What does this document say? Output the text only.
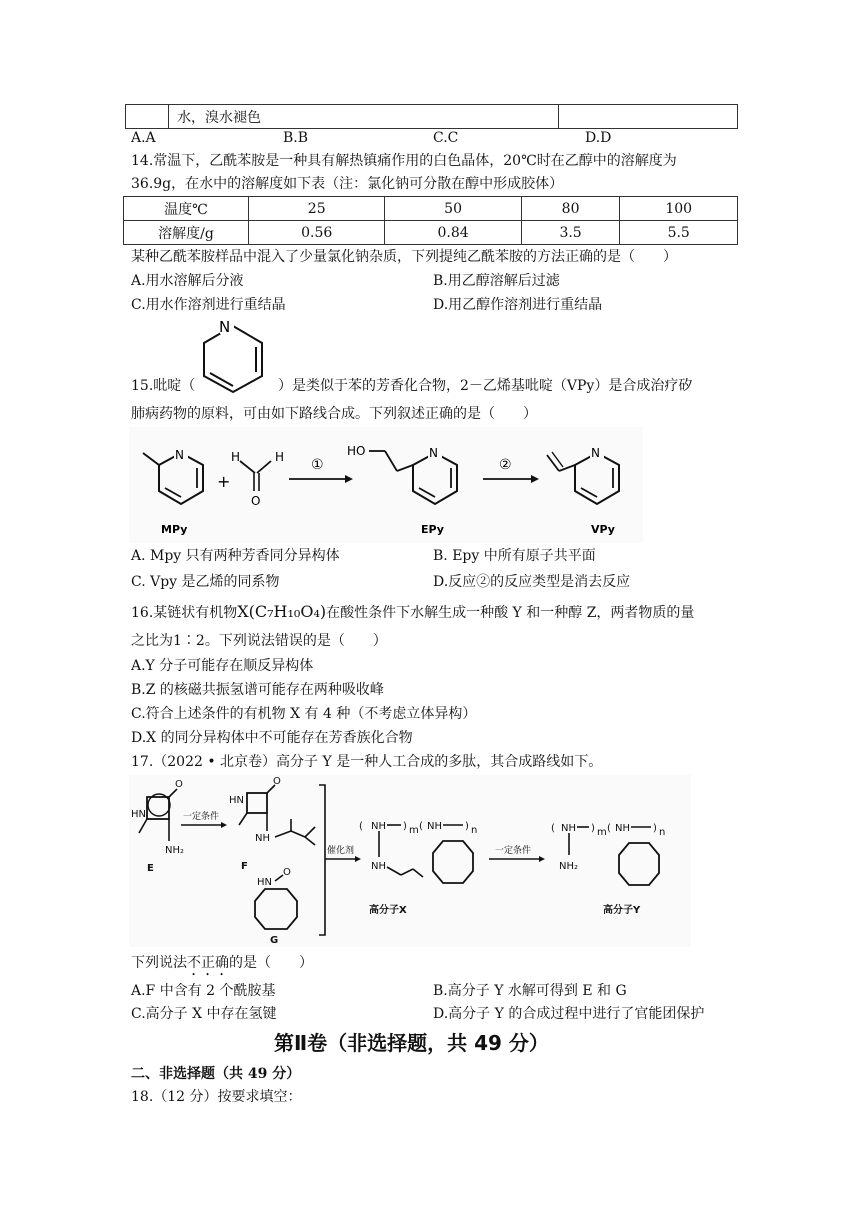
	水，溴水褪色	
A.A	B.B	C.C	D.D
14.常温下，乙酰苯胺是一种具有解热镇痛作用的白色晶体，20℃时在乙醇中的溶解度为
36.9g，在水中的溶解度如下表（注：氯化钠可分散在醇中形成胶体）
温度℃	25	50	80	100
溶解度/g	0.56	0.84	3.5	5.5
某种乙酰苯胺样品中混入了少量氯化钠杂质，下列提纯乙酰苯胺的方法正确的是（　　）
A.用水溶解后分液	B.用乙醇溶解后过滤
C.用水作溶剂进行重结晶	D.用乙醇作溶剂进行重结晶
N
15.吡啶（	）是类似于苯的芳香化合物，2－乙烯基吡啶（VPy）是合成治疗矽
肺病药物的原料，可由如下路线合成。下列叙述正确的是（　　）
N
+
H	H
O
①
HO	N
②
N
MPy	EPy	VPy
A. Mpy 只有两种芳香同分异构体	B. Epy 中所有原子共平面
C. Vpy 是乙烯的同系物	D.反应②的反应类型是消去反应
16.某链状有机物X(C₇H₁₀O₄)在酸性条件下水解生成一种酸 Y 和一种醇 Z，两者物质的量
之比为1∶2。下列说法错误的是（　　）
A.Y 分子可能存在顺反异构体
B.Z 的核磁共振氢谱可能存在两种吸收峰
C.符合上述条件的有机物 X 有 4 种（不考虑立体异构）
D.X 的同分异构体中不可能存在芳香族化合物
17.（2022 • 北京卷）高分子 Y 是一种人工合成的多肽，其合成路线如下。
O
HN
NH₂
E
一定条件
HN
O
NH
F
HN
O
G
催化剂
( NH ) m ( NH ) n
NH
高分子X
一定条件
( NH ) m ( NH ) n
NH₂
高分子Y
下列说法不正确的是（　　）
A.F 中含有 2 个酰胺基	B.高分子 Y 水解可得到 E 和 G
C.高分子 X 中存在氢键	D.高分子 Y 的合成过程中进行了官能团保护
第Ⅱ卷（非选择题，共 49 分）
二、非选择题（共 49 分）
18.（12 分）按要求填空：
